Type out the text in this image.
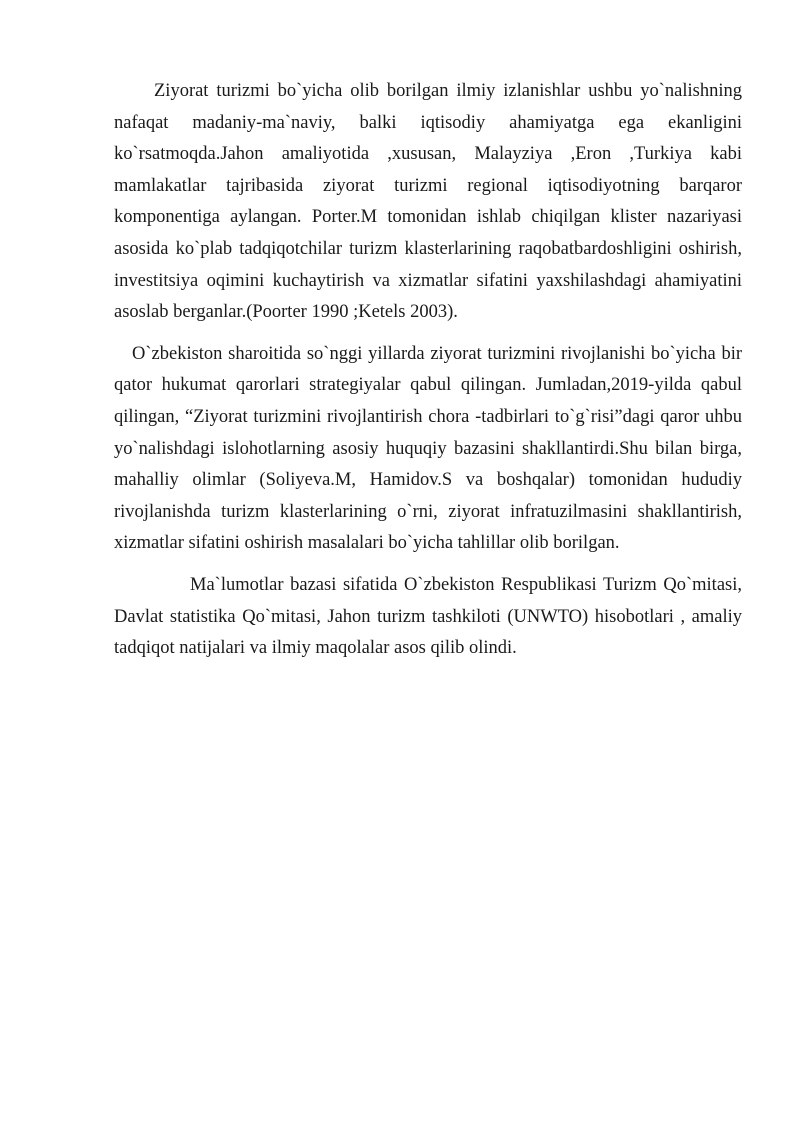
Ziyorat turizmi bo`yicha olib borilgan ilmiy izlanishlar ushbu yo`nalishning nafaqat madaniy-ma`naviy, balki iqtisodiy ahamiyatga ega ekanligini ko`rsatmoqda.Jahon amaliyotida ,xususan, Malayziya ,Eron ,Turkiya kabi mamlakatlar tajribasida ziyorat turizmi regional iqtisodiyotning barqaror komponentiga aylangan. Porter.M tomonidan ishlab chiqilgan klister nazariyasi asosida ko`plab tadqiqotchilar turizm klasterlarining raqobatbardoshligini oshirish, investitsiya oqimini kuchaytirish va xizmatlar sifatini yaxshilashdagi ahamiyatini asoslab berganlar.(Poorter 1990 ;Ketels 2003).

O`zbekiston sharoitida so`nggi yillarda ziyorat turizmini rivojlanishi bo`yicha bir qator hukumat qarorlari strategiyalar qabul qilingan. Jumladan,2019-yilda qabul qilingan, “Ziyorat turizmini rivojlantirish chora -tadbirlari to`g`risi”dagi qaror uhbu yo`nalishdagi islohotlarning asosiy huquqiy bazasini shakllantirdi.Shu bilan birga, mahalliy olimlar (Soliyeva.M, Hamidov.S va boshqalar) tomonidan hududiy rivojlanishda turizm klasterlarining o`rni, ziyorat infratuzilmasini shakllantirish, xizmatlar sifatini oshirish masalalari bo`yicha tahlillar olib borilgan.

Ma`lumotlar bazasi sifatida O`zbekiston Respublikasi Turizm Qo`mitasi, Davlat statistika Qo`mitasi, Jahon turizm tashkiloti (UNWTO) hisobotlari , amaliy tadqiqot natijalari va ilmiy maqolalar asos qilib olindi.
